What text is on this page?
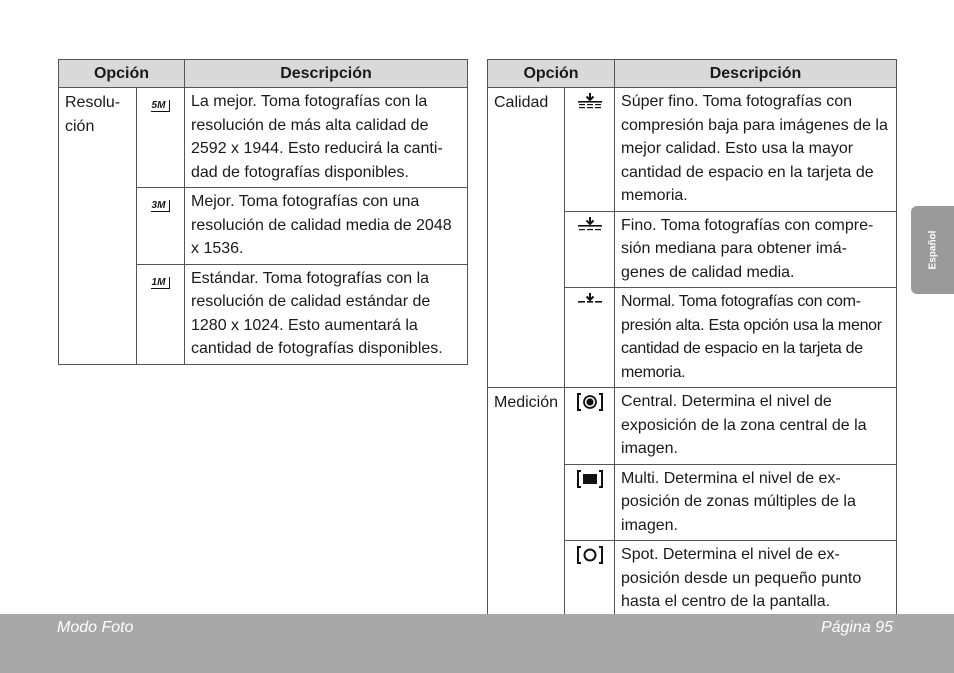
Opción		Descripción
Resolu-
ción	5M	La mejor. Toma fotografías con la resolución de más alta calidad de 2592 x 1944. Esto reducirá la canti-dad de fotografías disponibles.
	3M	Mejor. Toma fotografías con una resolución de calidad media de 2048 x 1536.
	1M	Estándar. Toma fotografías con la resolución de calidad estándar de 1280 x 1024. Esto aumentará la cantidad de fotografías disponibles.
Opción		Descripción
Calidad		Súper fino. Toma fotografías con compresión baja para imágenes de la mejor calidad. Esto usa la mayor cantidad de espacio en la tarjeta de memoria.
	Fino. Toma fotografías con compre-sión mediana para obtener imá-genes de calidad media.
	Normal. Toma fotografías con com-presión alta. Esta opción usa la menor cantidad de espacio en la tarjeta de memoria.
Medición		Central. Determina el nivel de exposición de la zona central de la imagen.
	Multi. Determina el nivel de ex-posición de zonas múltiples de la imagen.
	Spot. Determina el nivel de ex-posición desde un pequeño punto hasta el centro de la pantalla.
Español
Modo Foto	Página 95
